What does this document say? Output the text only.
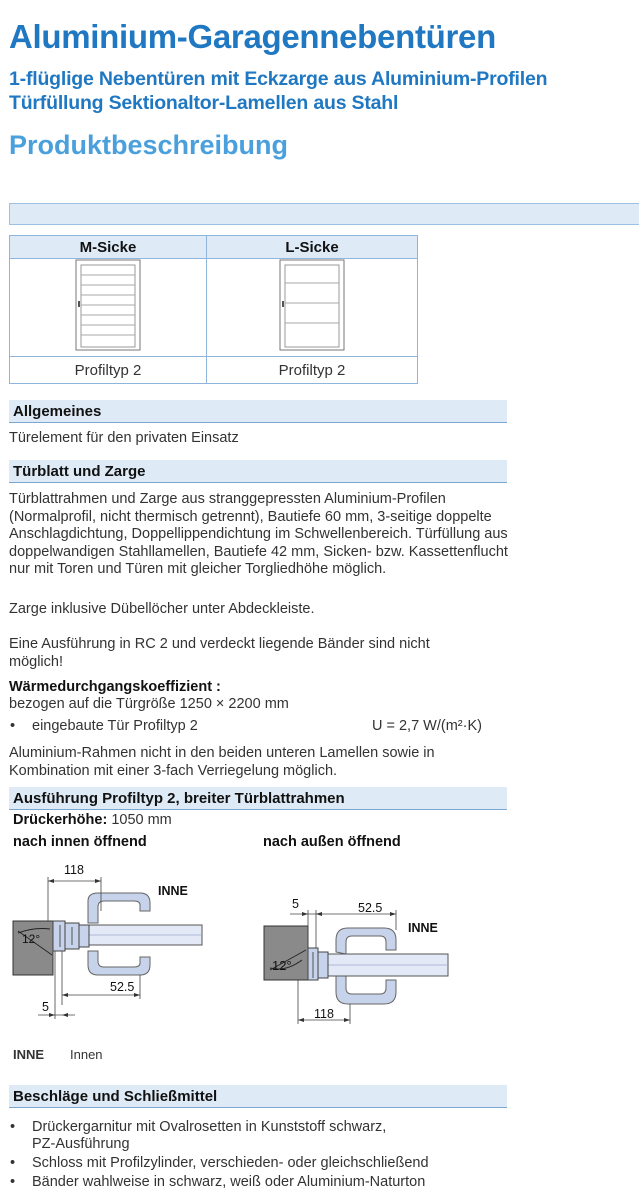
Aluminium-Garagennebentüren
1-flüglige Nebentüren mit Eckzarge aus Aluminium-Profilen
Türfüllung Sektionaltor-Lamellen aus Stahl
Produktbeschreibung
M-Sicke	L-Sicke

Profiltyp 2	Profiltyp 2
Allgemeines
Türelement für den privaten Einsatz
Türblatt und Zarge
Türblattrahmen und Zarge aus stranggepressten Aluminium-Profilen (Normalprofil, nicht thermisch getrennt), Bautiefe 60 mm, 3-seitige doppelte Anschlagdichtung, Doppellippendichtung im Schwellenbereich. Türfüllung aus doppelwandigen Stahllamellen, Bautiefe 42 mm, Sicken- bzw. Kassettenflucht nur mit Toren und Türen mit gleicher Torgliedhöhe möglich.
Zarge inklusive Dübellöcher unter Abdeckleiste.
Eine Ausführung in RC 2 und verdeckt liegende Bänder sind nicht möglich!
Wärmedurchgangskoeffizient :
bezogen auf die Türgröße 1250 × 2200 mm
• eingebaute Tür Profiltyp 2	U = 2,7 W/(m²·K)
Aluminium-Rahmen nicht in den beiden unteren Lamellen sowie in Kombination mit einer 3-fach Verriegelung möglich.
Ausführung Profiltyp 2, breiter Türblattrahmen
Drückerhöhe: 1050 mm
nach innen öffnend	nach außen öffnend
12°
118
52.5
5
INNE
12°
5	52.5
118
INNE
INNE Innen
Beschläge und Schließmittel
• Drückergarnitur mit Ovalrosetten in Kunststoff schwarz,
PZ-Ausführung
• Schloss mit Profilzylinder, verschieden- oder gleichschließend
• Bänder wahlweise in schwarz, weiß oder Aluminium-Naturton
